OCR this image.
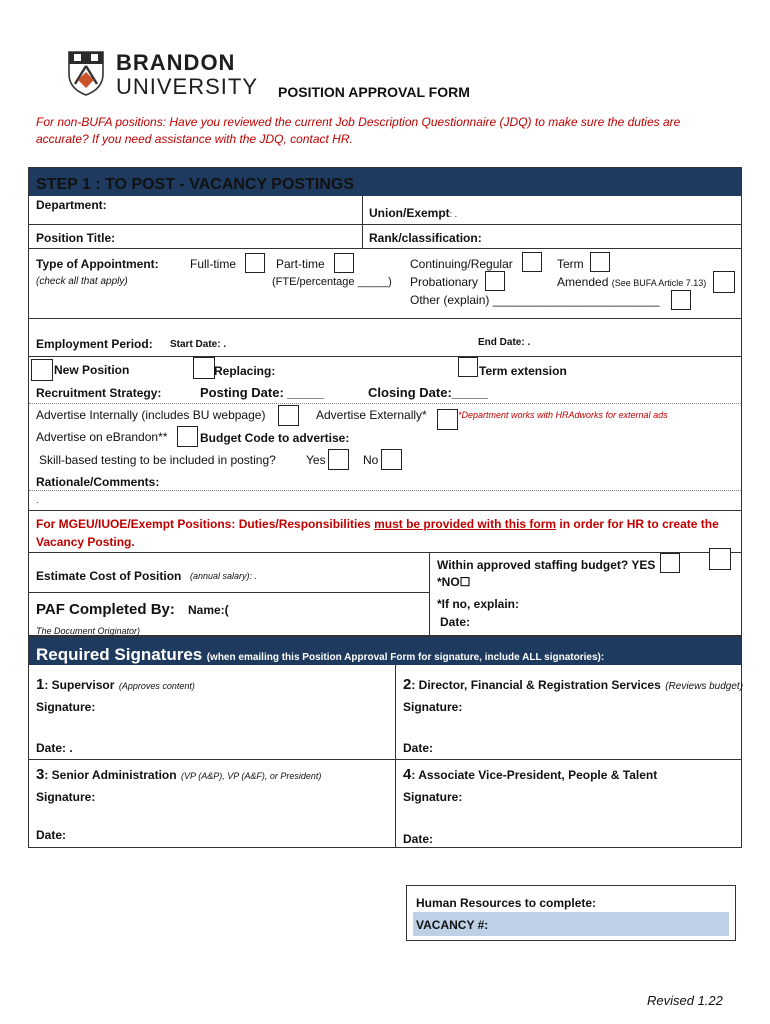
BRANDON
UNIVERSITY POSITION APPROVAL FORM
For non-BUFA positions: Have you reviewed the current Job Description Questionnaire (JDQ) to make sure the duties are
accurate? If you need assistance with the JDQ, contact HR.
STEP 1 : TO POST - VACANCY POSTINGS
Department:
Union/Exempt: .
Position Title:	Rank/classification:
Type of Appointment:
(check all that apply)
Full-time	Part-time
(FTE/percentage _____)
Continuing/Regular
Probationary
Other (explain) _________________________
Term
Amended (See BUFA Article 7.13)
Employment Period: Start Date: .	End Date: .
New Position	Replacing:	Term extension
Recruitment Strategy:	Posting Date: _____	Closing Date:_____
Advertise Internally (includes BU webpage)	Advertise Externally*	*Department works with HRAdworks for external ads
Advertise on eBrandon**	Budget Code to advertise:
Skill-based testing to be included in posting?	Yes	No
Rationale/Comments:
.
For MGEU/IUOE/Exempt Positions: Duties/Responsibilities must be provided with this form in order for HR to create the
Vacancy Posting.
Estimate Cost of Position (annual salary): .
Within approved staffing budget? YES
*NO☐
PAF Completed By: Name:(
The Document Originator)
*If no, explain:
Date:
Required Signatures (when emailing this Position Approval Form for signature, include ALL signatories):
1: Supervisor (Approves content)	2: Director, Financial & Registration Services (Reviews budget)
Signature:	Signature:
Date: .	Date:
3: Senior Administration (VP (A&P), VP (A&F), or President)	4: Associate Vice-President, People & Talent
Signature:	Signature:
Date:	Date:
Human Resources to complete:
VACANCY #:
Revised 1.22
